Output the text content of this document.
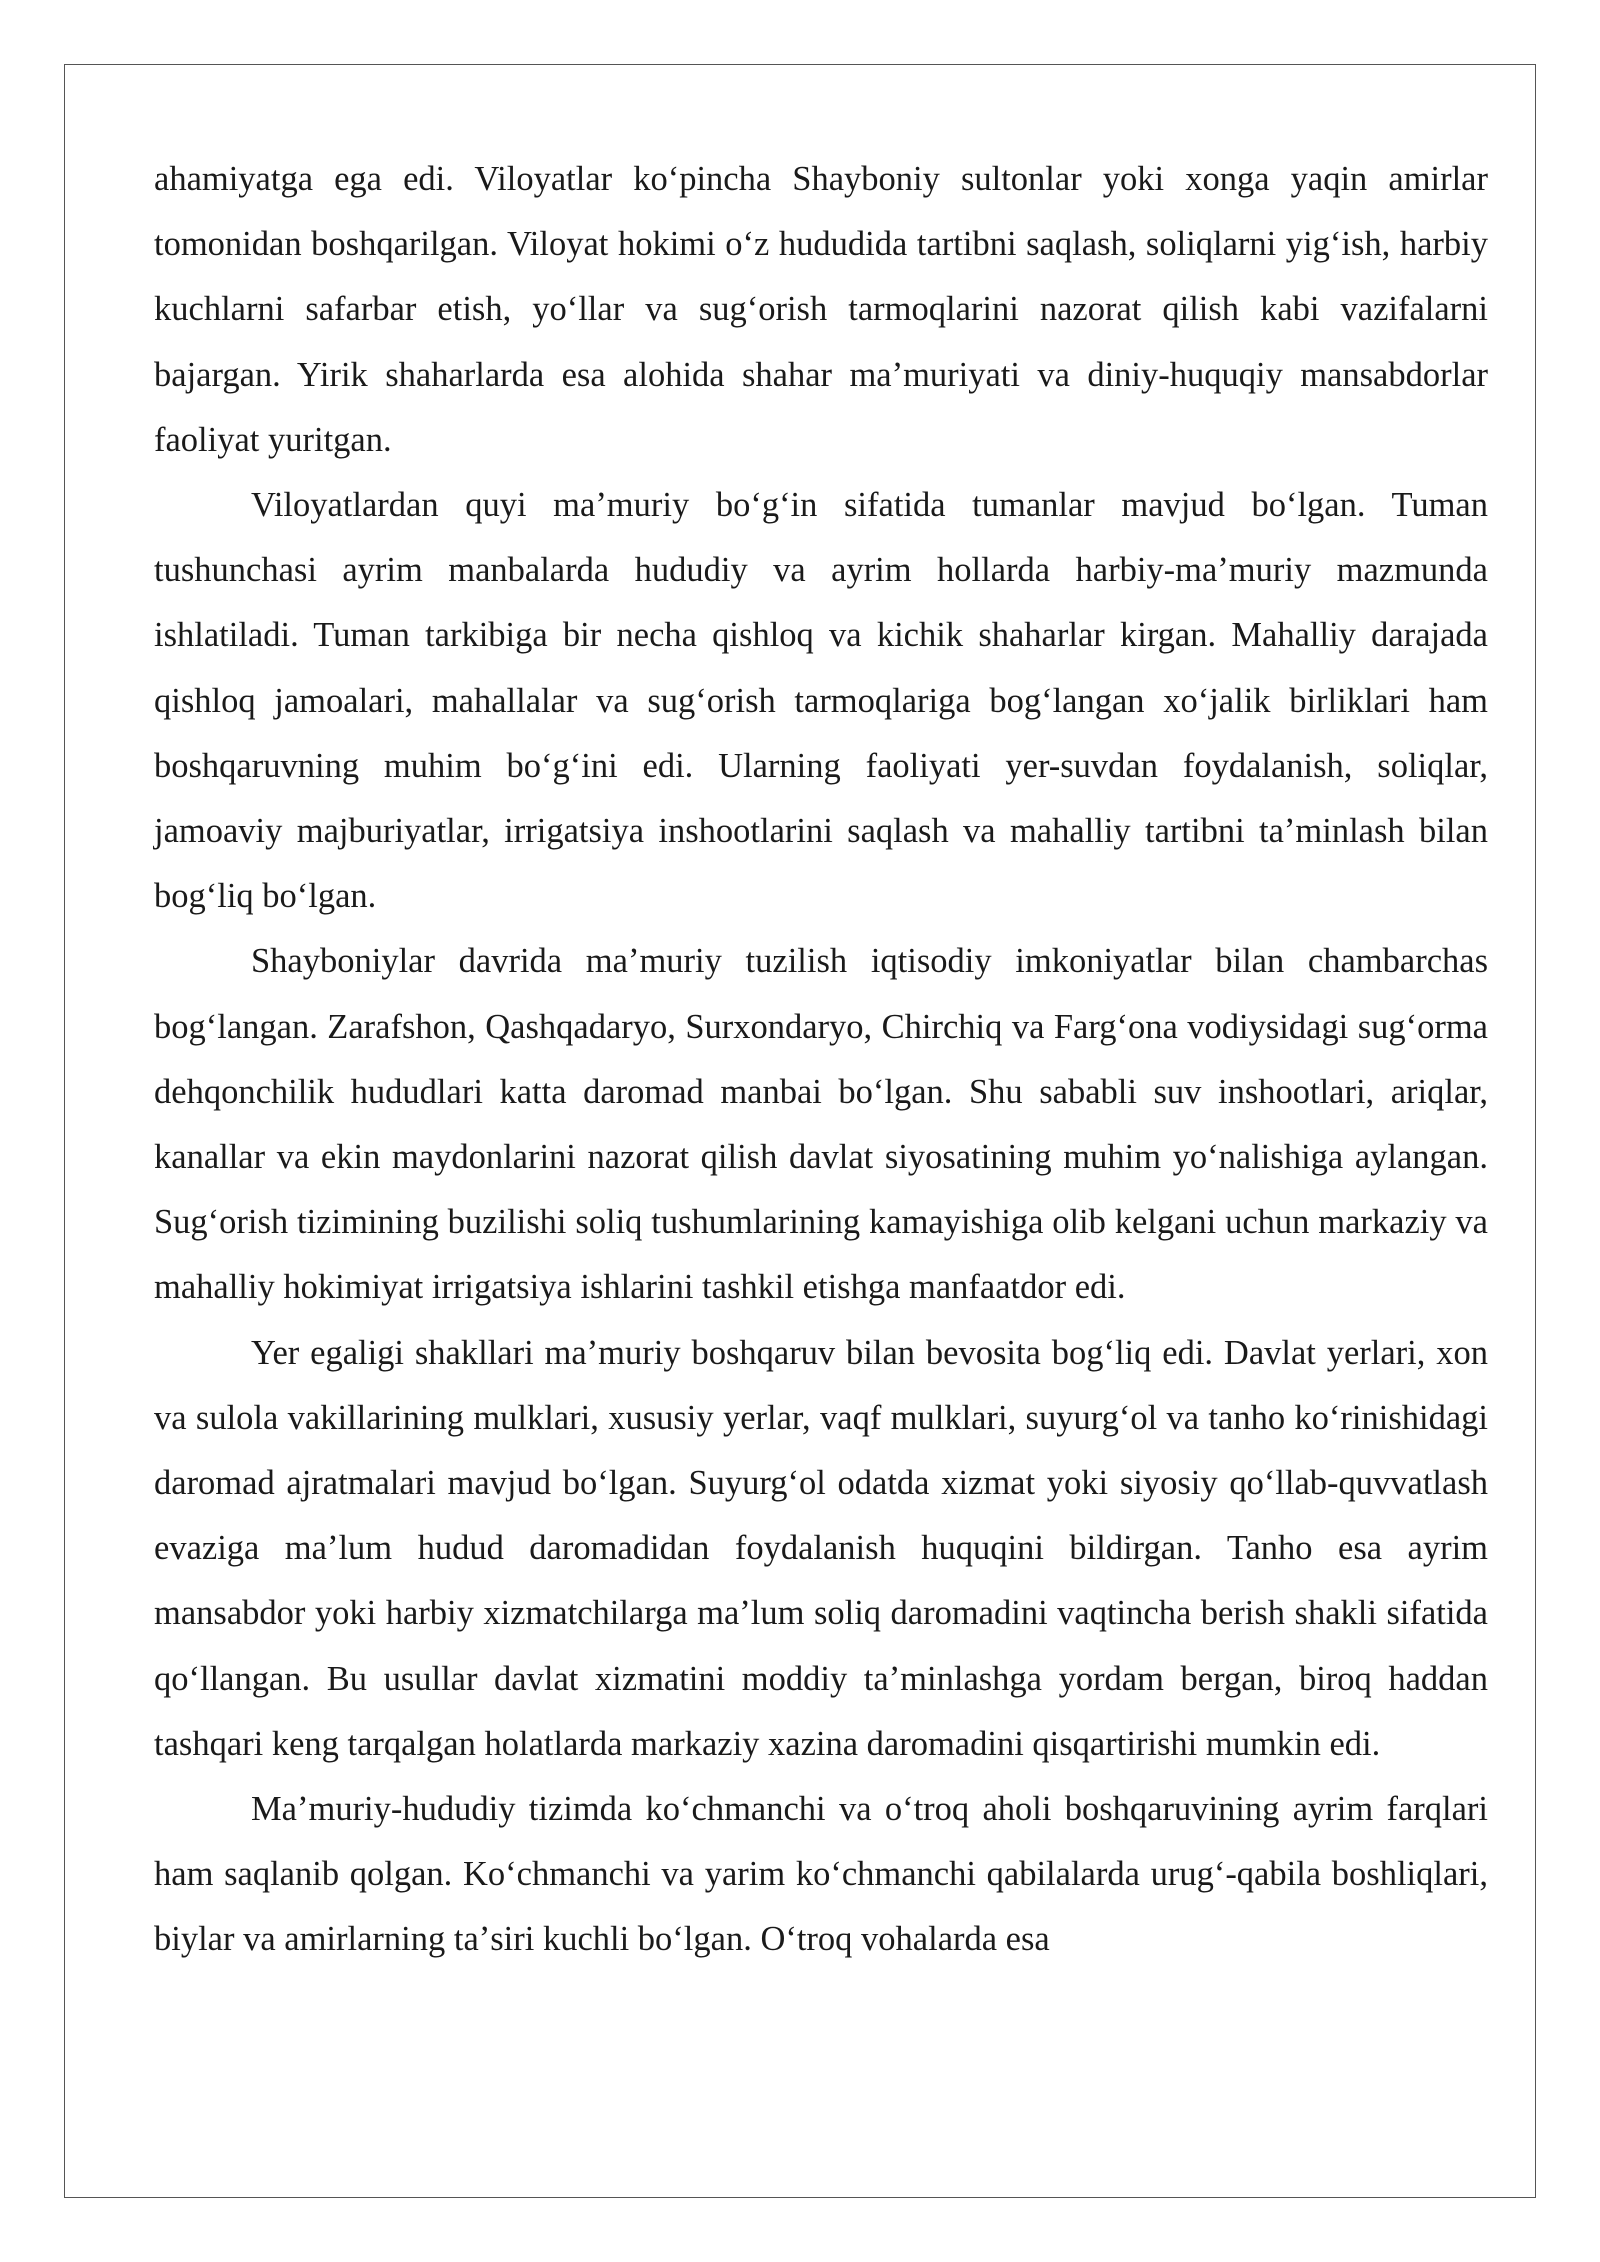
ahamiyatga ega edi. Viloyatlar koʻpincha Shayboniy sultonlar yoki xonga yaqin amirlar tomonidan boshqarilgan. Viloyat hokimi oʻz hududida tartibni saqlash, soliqlarni yigʻish, harbiy kuchlarni safarbar etish, yoʻllar va sugʻorish tarmoqlarini nazorat qilish kabi vazifalarni bajargan. Yirik shaharlarda esa alohida shahar maʼmuriyati va diniy-huquqiy mansabdorlar faoliyat yuritgan.

Viloyatlardan quyi maʼmuriy boʻgʻin sifatida tumanlar mavjud boʻlgan. Tuman tushunchasi ayrim manbalarda hududiy va ayrim hollarda harbiy-maʼmuriy mazmunda ishlatiladi. Tuman tarkibiga bir necha qishloq va kichik shaharlar kirgan. Mahalliy darajada qishloq jamoalari, mahallalar va sugʻorish tarmoqlariga bogʻlangan xoʻjalik birliklari ham boshqaruvning muhim boʻgʻini edi. Ularning faoliyati yer-suvdan foydalanish, soliqlar, jamoaviy majburiyatlar, irrigatsiya inshootlarini saqlash va mahalliy tartibni taʼminlash bilan bogʻliq boʻlgan.

Shayboniylar davrida maʼmuriy tuzilish iqtisodiy imkoniyatlar bilan chambarchas bogʻlangan. Zarafshon, Qashqadaryo, Surxondaryo, Chirchiq va Fargʻona vodiysidagi sugʻorma dehqonchilik hududlari katta daromad manbai boʻlgan. Shu sababli suv inshootlari, ariqlar, kanallar va ekin maydonlarini nazorat qilish davlat siyosatining muhim yoʻnalishiga aylangan. Sugʻorish tizimining buzilishi soliq tushumlarining kamayishiga olib kelgani uchun markaziy va mahalliy hokimiyat irrigatsiya ishlarini tashkil etishga manfaatdor edi.

Yer egaligi shakllari maʼmuriy boshqaruv bilan bevosita bogʻliq edi. Davlat yerlari, xon va sulola vakillarining mulklari, xususiy yerlar, vaqf mulklari, suyurgʻol va tanho koʻrinishidagi daromad ajratmalari mavjud boʻlgan. Suyurgʻol odatda xizmat yoki siyosiy qoʻllab-quvvatlash evaziga maʼlum hudud daromadidan foydalanish huquqini bildirgan. Tanho esa ayrim mansabdor yoki harbiy xizmatchilarga maʼlum soliq daromadini vaqtincha berish shakli sifatida qoʻllangan. Bu usullar davlat xizmatini moddiy taʼminlashga yordam bergan, biroq haddan tashqari keng tarqalgan holatlarda markaziy xazina daromadini qisqartirishi mumkin edi.

Maʼmuriy-hududiy tizimda koʻchmanchi va oʻtroq aholi boshqaruvining ayrim farqlari ham saqlanib qolgan. Koʻchmanchi va yarim koʻchmanchi qabilalarda urugʻ-qabila boshliqlari, biylar va amirlarning taʼsiri kuchli boʻlgan. Oʻtroq vohalarda esa
